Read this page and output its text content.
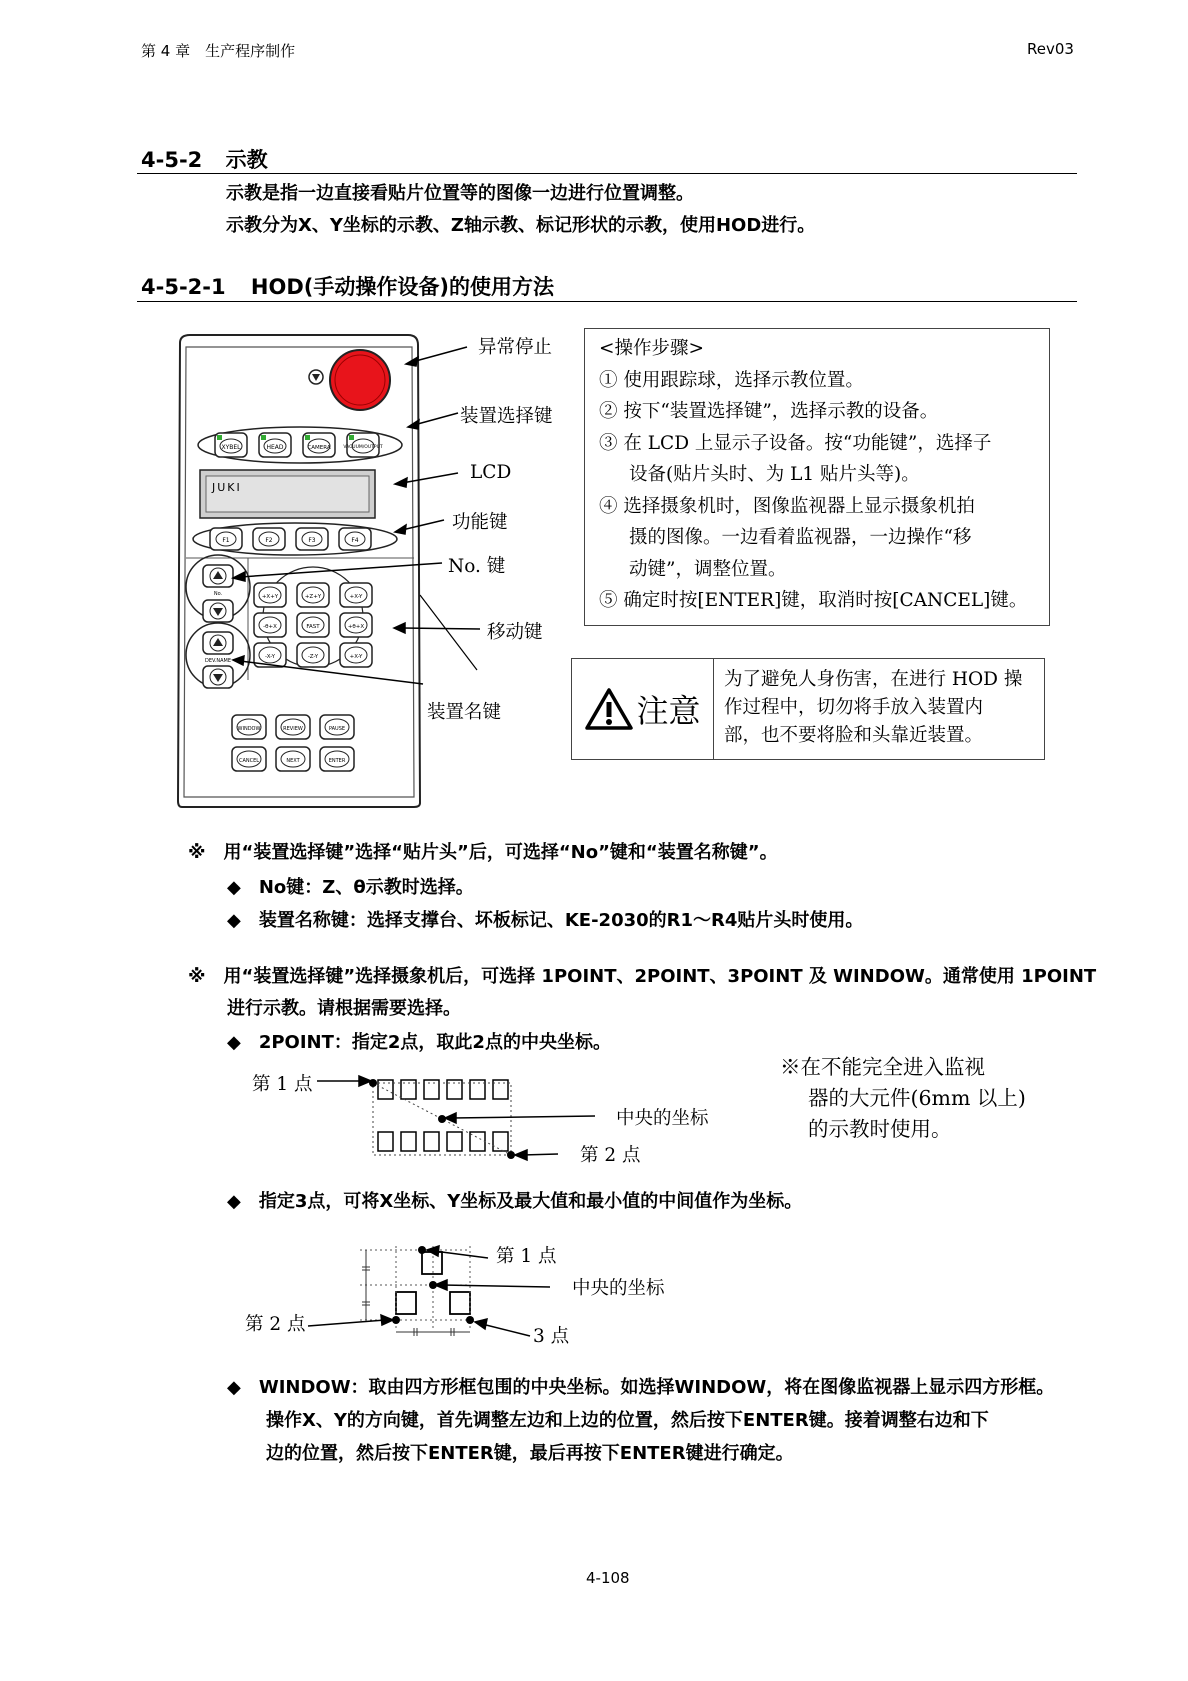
第 4 章　生产程序制作	Rev03
4-5-2 示教
示教是指一边直接看贴片位置等的图像一边进行位置调整。
示教分为X、Y坐标的示教、Z轴示教、标记形状的示教，使用HOD进行。
4-5-2-1 HOD(手动操作设备)的使用方法
XYBEL	HEAD	CAMERA	VACUUM/OUTPUT
JUKI
F1	F2	F3	F4
No.
DEV.NAME
+X+Y	+Z+Y	+X-Y
-θ+X	FAST	+θ+X
-X-Y	-Z-Y	+X-Y
WINDOW	REVIEW	PAUSE
CANCEL	NEXT	ENTER
异常停止
装置选择键
LCD
功能键
No. 键
移动键
装置名键
<操作步骤>
① 使用跟踪球，选择示教位置。
② 按下“装置选择键”，选择示教的设备。
③ 在 LCD 上显示子设备。按“功能键”，选择子
设备(贴片头时、为 L1 贴片头等)。
④ 选择摄象机时，图像监视器上显示摄象机拍
摄的图像。一边看着监视器，一边操作“移
动键”，调整位置。
⑤ 确定时按[ENTER]键，取消时按[CANCEL]键。
注意
为了避免人身伤害，在进行 HOD 操
作过程中，切勿将手放入装置内
部，也不要将脸和头靠近装置。
※　用“装置选择键”选择“贴片头”后，可选择“No”键和“装置名称键”。
◆　No键：Z、θ示教时选择。
◆　装置名称键：选择支撑台、坏板标记、KE-2030的R1～R4贴片头时使用。
※　用“装置选择键”选择摄象机后，可选择 1POINT、2POINT、3POINT 及 WINDOW。通常使用 1POINT
进行示教。请根据需要选择。
◆　2POINT：指定2点，取此2点的中央坐标。
第 1 点
中央的坐标
第 2 点
※在不能完全进入监视
器的大元件(6mm 以上)
的示教时使用。
◆　指定3点，可将X坐标、Y坐标及最大值和最小值的中间值作为坐标。
第 1 点
中央的坐标
第 2 点
3 点
◆　WINDOW：取由四方形框包围的中央坐标。如选择WINDOW，将在图像监视器上显示四方形框。
操作X、Y的方向键，首先调整左边和上边的位置，然后按下ENTER键。接着调整右边和下
边的位置，然后按下ENTER键，最后再按下ENTER键进行确定。
4-108
